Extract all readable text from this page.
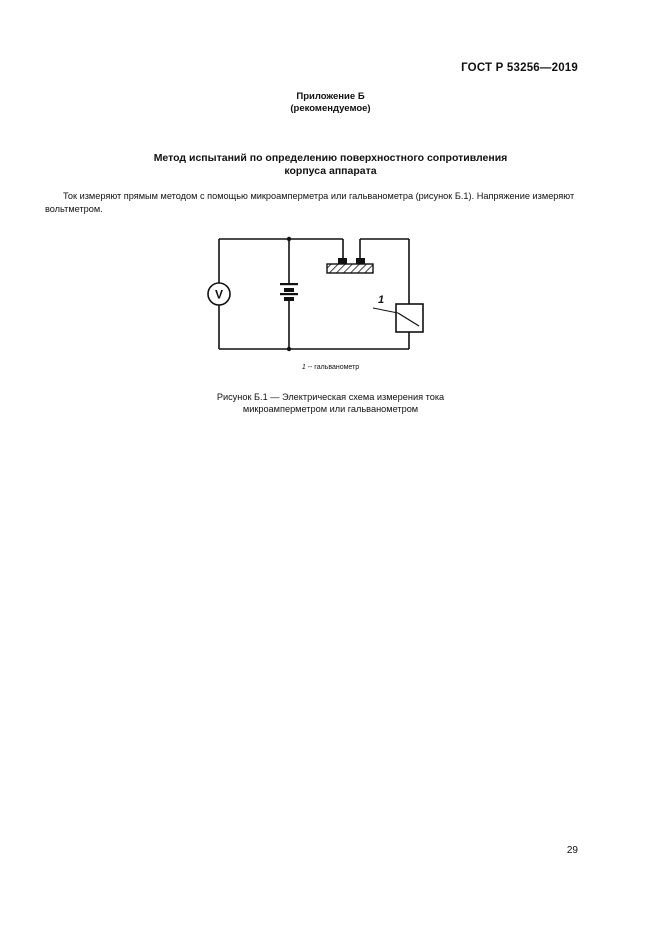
ГОСТ Р 53256—2019
Приложение Б
(рекомендуемое)
Метод испытаний по определению поверхностного сопротивления
корпуса аппарата

Ток измеряют прямым методом с помощью микроамперметра или гальванометра (рисунок Б.1). Напряжение измеряют вольтметром.

V	1
1 -- гальванометр
Рисунок Б.1 — Электрическая схема измерения тока
микроамперметром или гальванометром
29
